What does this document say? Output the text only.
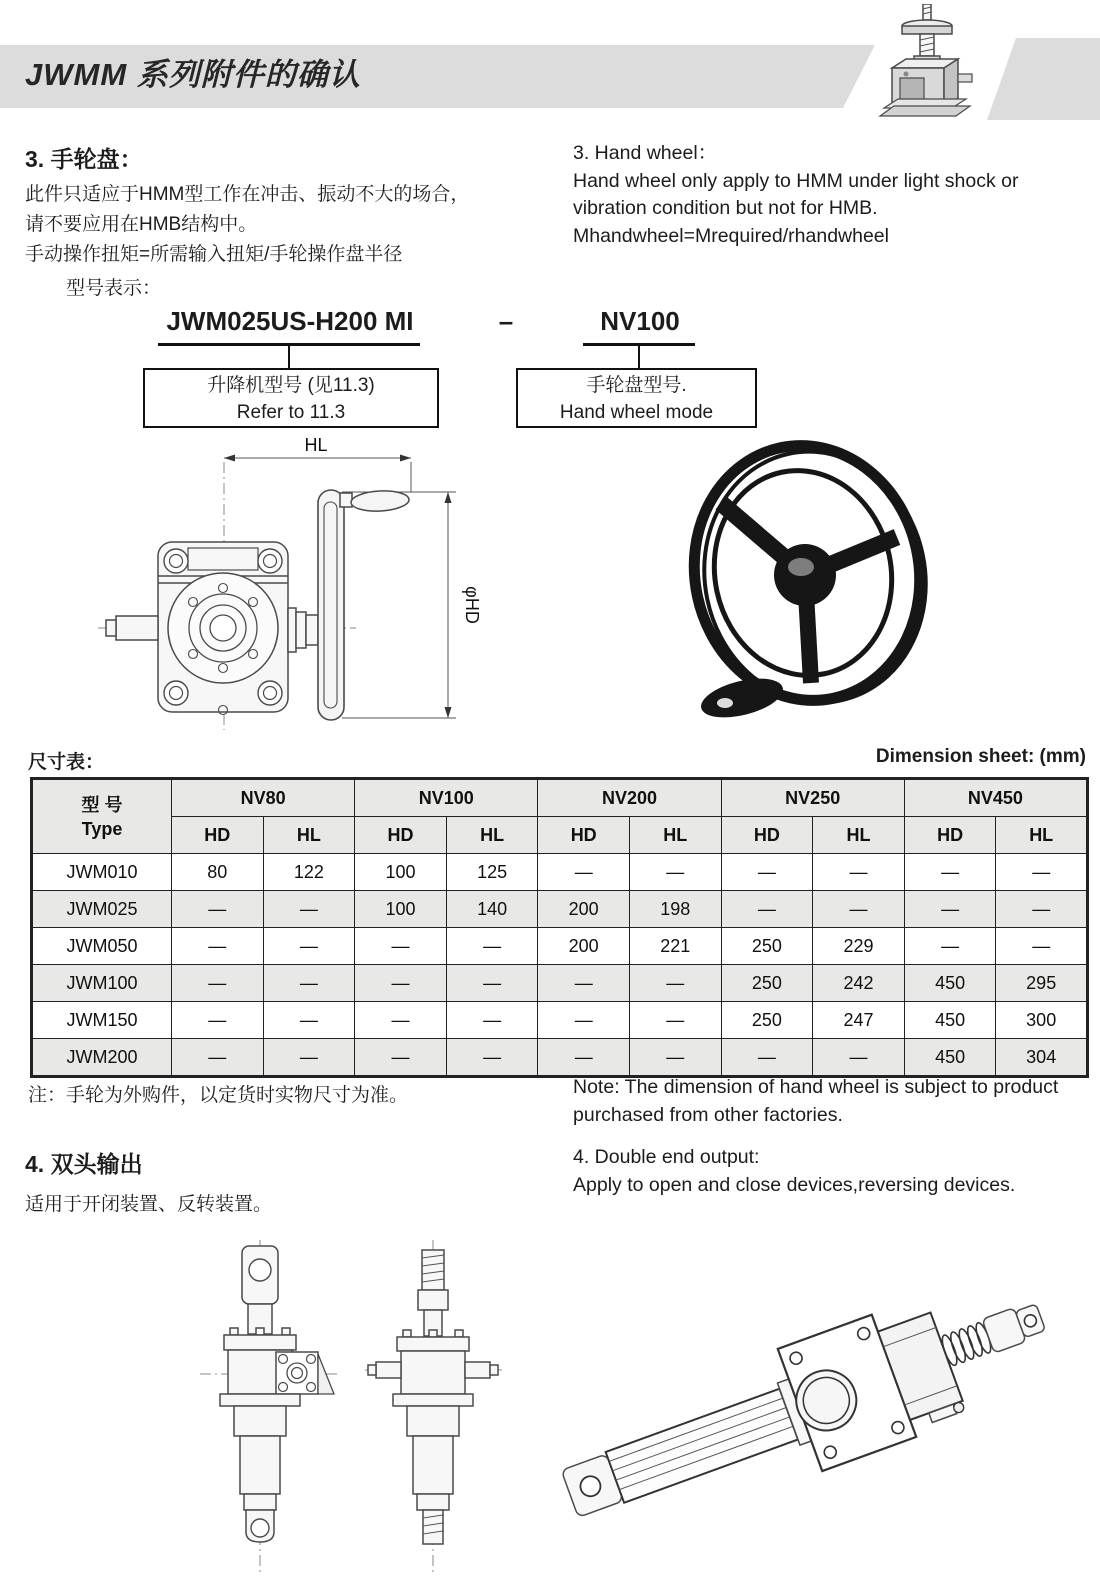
JWMM 系列附件的确认
3. 手轮盘：
此件只适应于HMM型工作在冲击、振动不大的场合，
请不要应用在HMB结构中。
手动操作扭矩=所需输入扭矩/手轮操作盘半径
3. Hand wheel：
Hand wheel only apply to HMM under light shock or
vibration condition but not for HMB.
Mhandwheel=Mrequired/rhandwheel
型号表示：
JWM025US-H200 MI	–	NV100
升降机型号 (见11.3)
Refer to 11.3
手轮盘型号.
Hand wheel mode
HL
φHD
尺寸表：	Dimension sheet: (mm)
型 号
Type	NV80		NV100		NV200		NV250		NV450	
	HD	HL	HD	HL	HD	HL	HD	HL	HD	HL
JWM010	80	122	100	125	—	—	—	—	—	—
JWM025	—	—	100	140	200	198	—	—	—	—
JWM050	—	—	—	—	200	221	250	229	—	—
JWM100	—	—	—	—	—	—	250	242	450	295
JWM150	—	—	—	—	—	—	250	247	450	300
JWM200	—	—	—	—	—	—	—	—	450	304
注：手轮为外购件，以定货时实物尺寸为准。	Note: The dimension of hand wheel is subject to product
purchased from other factories.
4. 双头输出
适用于开闭装置、反转装置。
4. Double end output:
Apply to open and close devices,reversing devices.
